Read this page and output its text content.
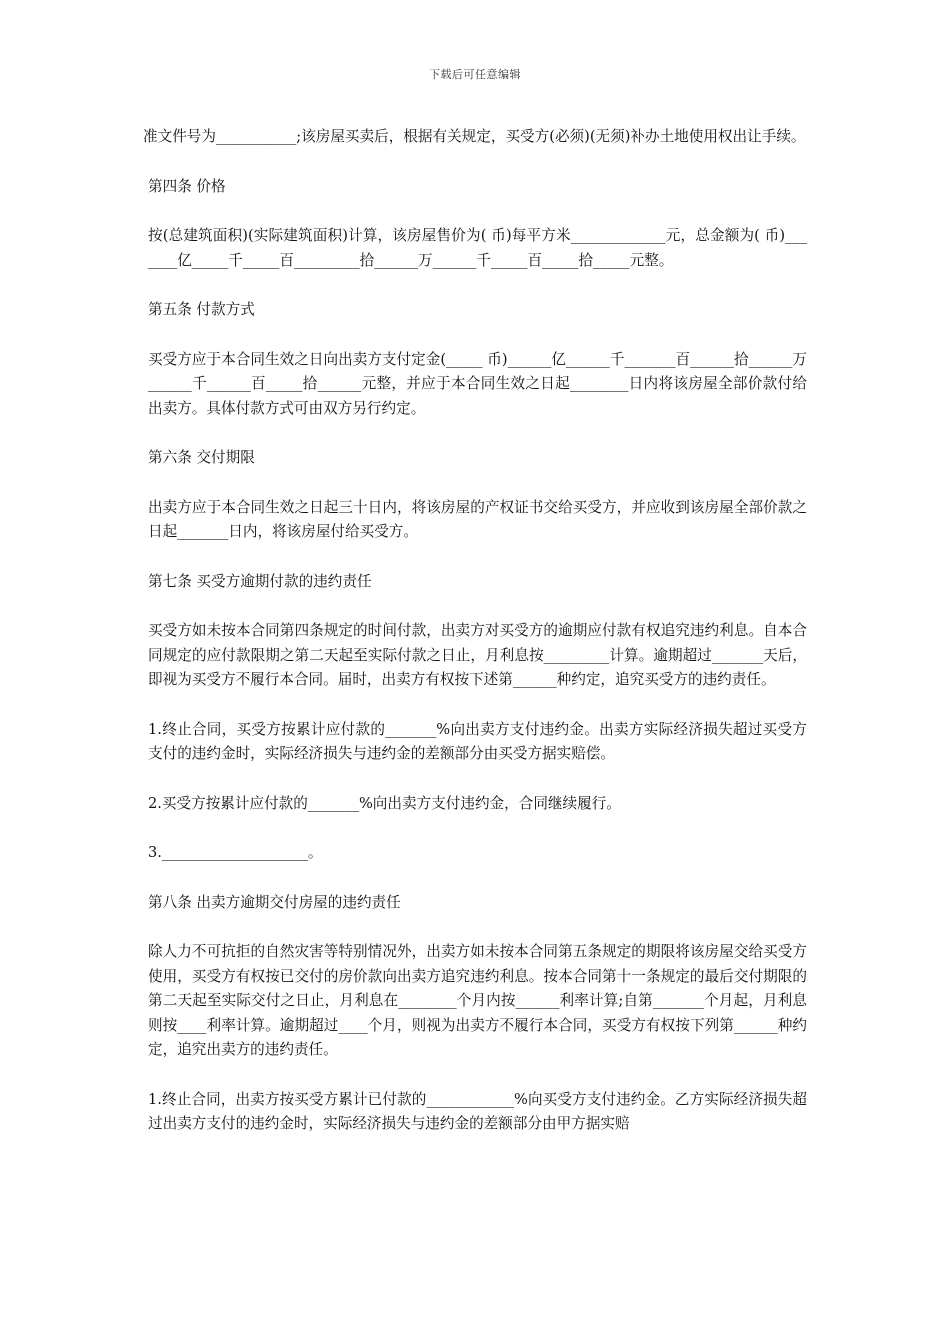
下载后可任意编辑

准文件号为___________;该房屋买卖后，根据有关规定，买受方(必须)(无须)补办土地使用权出让手续。

第四条 价格

按(总建筑面积)(实际建筑面积)计算，该房屋售价为( 币)每平方米_____________元，总金额为( 币)_______亿_____千_____百_________拾______万______千_____百_____拾_____元整。

第五条 付款方式

买受方应于本合同生效之日向出卖方支付定金(_____ 币)______亿______千_______百______拾______万______千______百_____拾______元整，并应于本合同生效之日起________日内将该房屋全部价款付给出卖方。具体付款方式可由双方另行约定。

第六条 交付期限

出卖方应于本合同生效之日起三十日内，将该房屋的产权证书交给买受方，并应收到该房屋全部价款之日起_______日内，将该房屋付给买受方。

第七条 买受方逾期付款的违约责任

买受方如未按本合同第四条规定的时间付款，出卖方对买受方的逾期应付款有权追究违约利息。自本合同规定的应付款限期之第二天起至实际付款之日止，月利息按_________计算。逾期超过_______天后，即视为买受方不履行本合同。届时，出卖方有权按下述第______种约定，追究买受方的违约责任。

1.终止合同，买受方按累计应付款的_______%向出卖方支付违约金。出卖方实际经济损失超过买受方支付的违约金时，实际经济损失与违约金的差额部分由买受方据实赔偿。

2.买受方按累计应付款的_______%向出卖方支付违约金，合同继续履行。

3.____________________。

第八条 出卖方逾期交付房屋的违约责任

除人力不可抗拒的自然灾害等特别情况外，出卖方如未按本合同第五条规定的期限将该房屋交给买受方使用，买受方有权按已交付的房价款向出卖方追究违约利息。按本合同第十一条规定的最后交付期限的第二天起至实际交付之日止，月利息在________个月内按______利率计算;自第_______个月起，月利息则按____利率计算。逾期超过____个月，则视为出卖方不履行本合同，买受方有权按下列第______种约定，追究出卖方的违约责任。

1.终止合同，出卖方按买受方累计已付款的____________%向买受方支付违约金。乙方实际经济损失超过出卖方支付的违约金时，实际经济损失与违约金的差额部分由甲方据实赔
